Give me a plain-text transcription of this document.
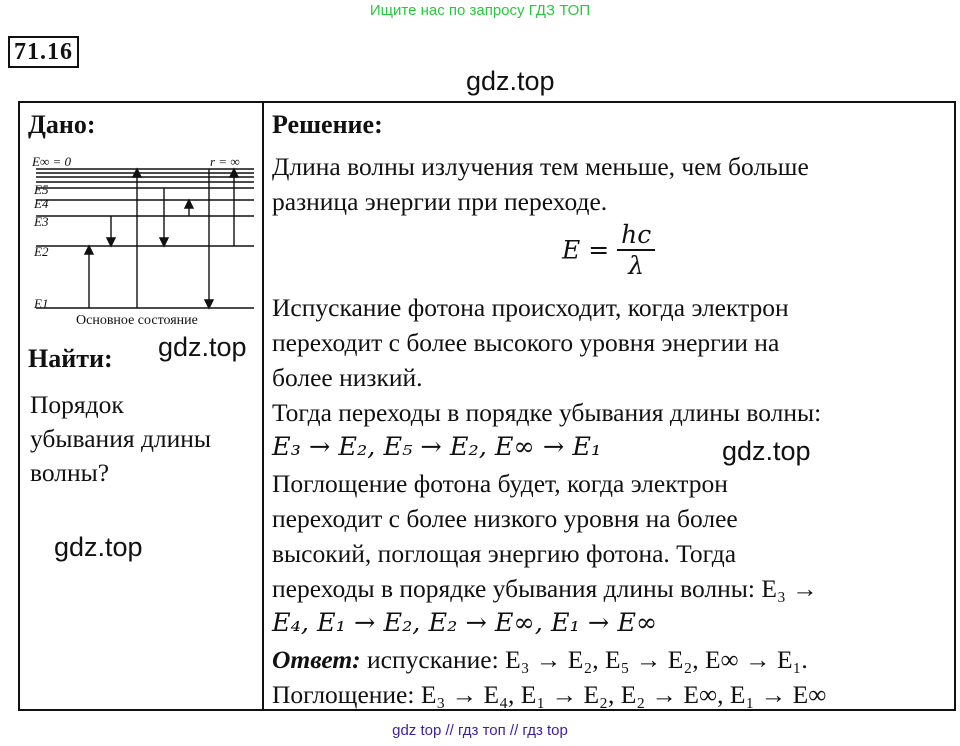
Ищите нас по запросу ГДЗ ТОП
71.16
gdz.top
gdz.top
gdz.top
gdz.top
Дано:
E∞ = 0	r = ∞
E5
E4
E3
E2
E1
Основное состояние
Найти:
Порядок
убывания длины
волны?
Решение:
Длина волны излучения тем меньше, чем больше
разница энергии при переходе.
$E = \frac{hc}{\lambda}$
Испускание фотона происходит, когда электрон
переходит с более высокого уровня энергии на
более низкий.
Тогда переходы в порядке убывания длины волны:
E₃ → E₂, E₅ → E₂, E∞ → E₁
Поглощение фотона будет, когда электрон
переходит с более низкого уровня на более
высокий, поглощая энергию фотона. Тогда
переходы в порядке убывания длины волны: E₃ →
E₄, E₁ → E₂, E₂ → E∞, E₁ → E∞
Ответ: испускание: E₃ → E₂, E₅ → E₂, E∞ → E₁.
Поглощение: E₃ → E₄, E₁ → E₂, E₂ → E∞, E₁ → E∞
gdz top // гдз топ // гдз top
